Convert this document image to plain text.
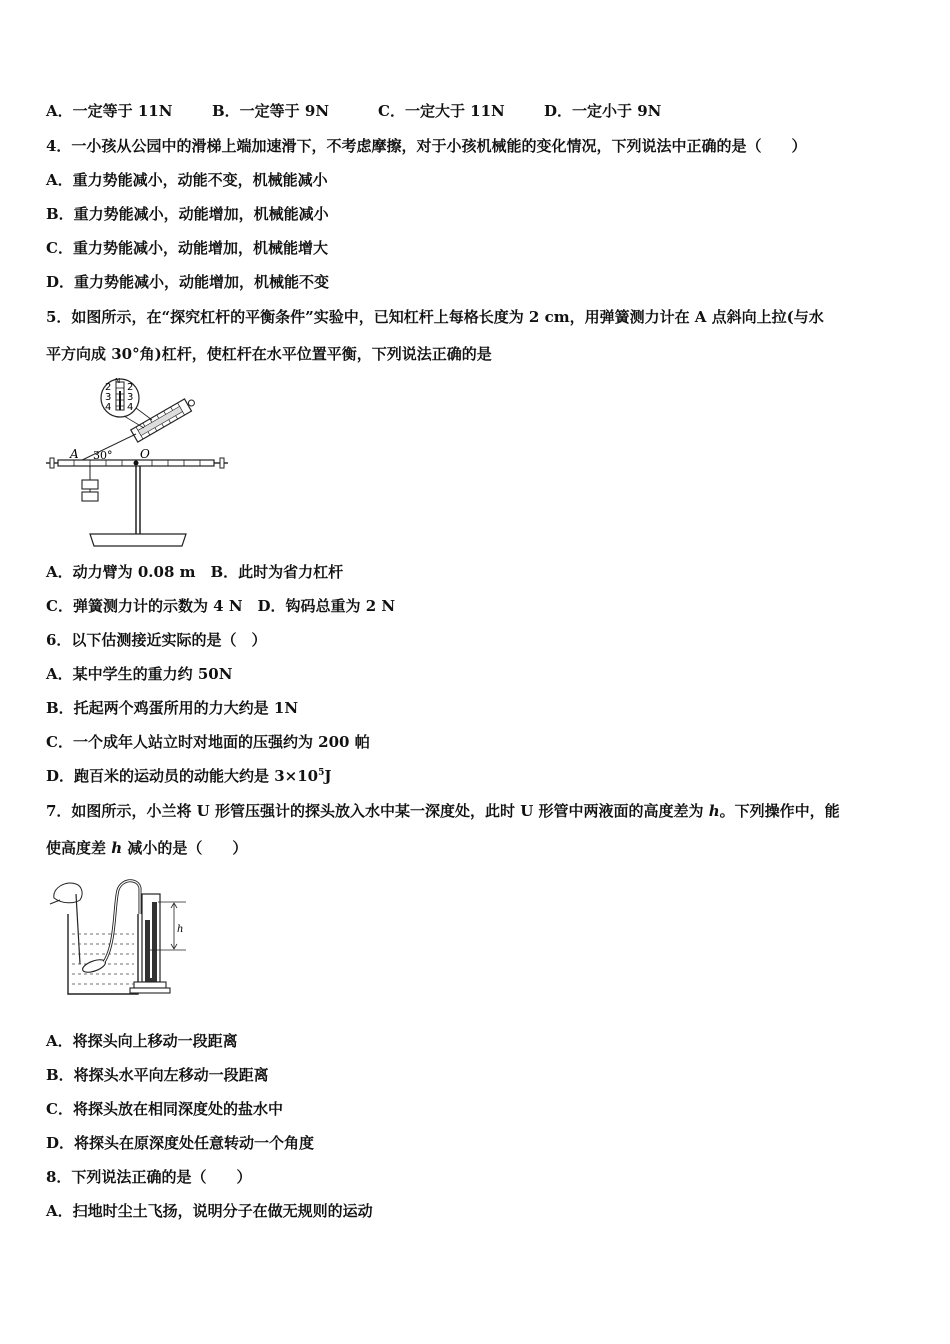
A．一定等于 11N	B．一定等于 9N	C．一定大于 11N	D．一定小于 9N
4．一小孩从公园中的滑梯上端加速滑下，不考虑摩擦，对于小孩机械能的变化情况，下列说法中正确的是（　　）
A．重力势能减小，动能不变，机械能减小
B．重力势能减小，动能增加，机械能减小
C．重力势能减小，动能增加，机械能增大
D．重力势能减小，动能增加，机械能不变
5．如图所示，在“探究杠杆的平衡条件”实验中，已知杠杆上每格长度为 2 cm，用弹簧测力计在 A 点斜向上拉(与水
平方向成 30°角)杠杆，使杠杆在水平位置平衡，下列说法正确的是
2
3
4
N
2
3
4
A 30° O
A．动力臂为 0.08 m　B．此时为省力杠杆
C．弹簧测力计的示数为 4 N　D．钩码总重为 2 N
6．以下估测接近实际的是（　）
A．某中学生的重力约 50N
B．托起两个鸡蛋所用的力大约是 1N
C．一个成年人站立时对地面的压强约为 200 帕
D．跑百米的运动员的动能大约是 $3\times 10^5J$
7．如图所示，小兰将 U 形管压强计的探头放入水中某一深度处，此时 U 形管中两液面的高度差为 h。下列操作中，能
使高度差 h 减小的是（　　）
h
A．将探头向上移动一段距离
B．将探头水平向左移动一段距离
C．将探头放在相同深度处的盐水中
D．将探头在原深度处任意转动一个角度
8．下列说法正确的是（　　）
A．扫地时尘土飞扬，说明分子在做无规则的运动
